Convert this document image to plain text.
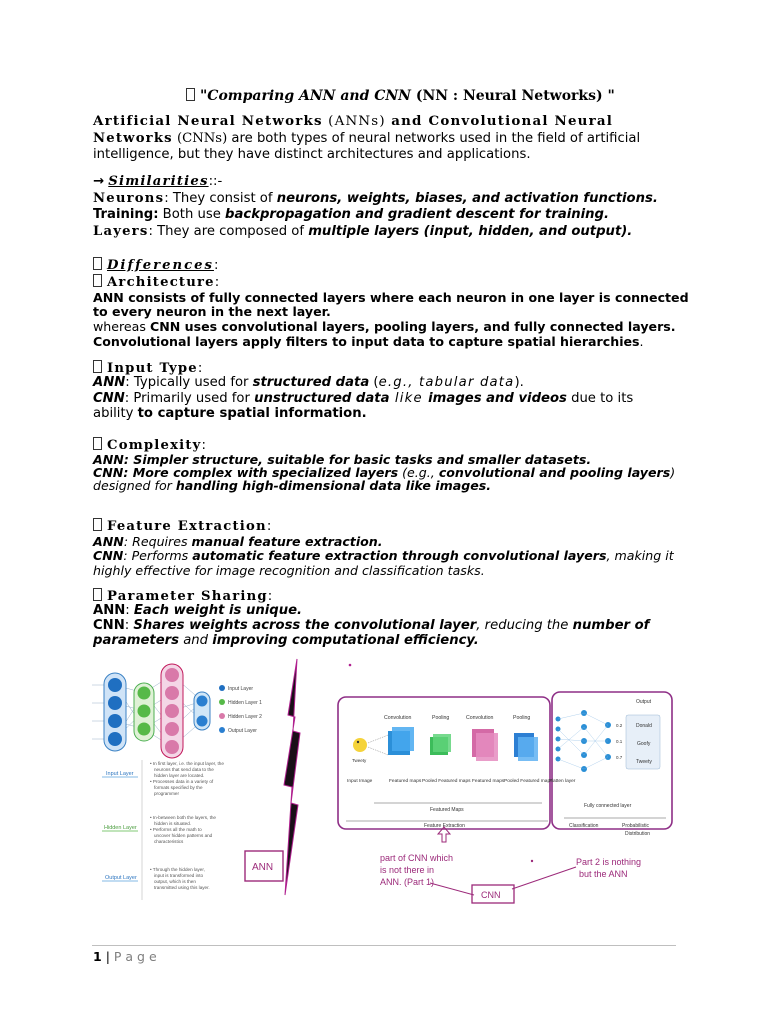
"Comparing ANN and CNN (NN : Neural Networks) "
Artificial Neural Networks (ANNs) and Convolutional Neural
Networks (CNNs) are both types of neural networks used in the field of artificial
intelligence, but they have distinct architectures and applications.
→ Similarities::-
Neurons: They consist of neurons, weights, biases, and activation functions.
Training: Both use backpropagation and gradient descent for training.
Layers: They are composed of multiple layers (input, hidden, and output).
Differences:
Architecture:
ANN consists of fully connected layers where each neuron in one layer is connected
to every neuron in the next layer.
whereas CNN uses convolutional layers, pooling layers, and fully connected layers.
Convolutional layers apply filters to input data to capture spatial hierarchies.
Input Type:
ANN: Typically used for structured data (e.g., tabular data).
CNN: Primarily used for unstructured data like images and videos due to its
ability to capture spatial information.
Complexity:
ANN: Simpler structure, suitable for basic tasks and smaller datasets.
CNN: More complex with specialized layers (e.g., convolutional and pooling layers)
designed for handling high-dimensional data like images.
Feature Extraction:
ANN: Requires manual feature extraction.
CNN: Performs automatic feature extraction through convolutional layers, making it
highly effective for image recognition and classification tasks.
Parameter Sharing:
ANN: Each weight is unique.
CNN: Shares weights across the convolutional layer, reducing the number of
parameters and improving computational efficiency.
Input Layer
Hidden Layer 1
Hidden Layer 2
Output Layer
Input Layer
• In first layer, i.e. the input layer, the
neurons that send data to the
hidden layer are located.
• Processes data in a variety of
formats specified by the
programmer
Hidden Layer
• In-between both the layers, the
hidden is situated.
• Performs all the math to
uncover hidden patterns and
characteristics
Output Layer
• Through the hidden layer,
input is transformed into
output, which is then
transmitted using this layer.
ANN
Convolution	Pooling	Convolution	Pooling
Tweety
Input Image	Featured maps Pooled Featured maps Featured maps Pooled Featured maps
Flatten layer
Featured Maps
Feature Extraction
Output
Donald
Goofy
Tweety
0.2
0.1
0.7
Fully connected layer
Classification	Probabilistic
Distribution
part of CNN which
is not there in
ANN. (Part 1)
Part 2 is nothing
but the ANN
CNN
1 | P a g e
